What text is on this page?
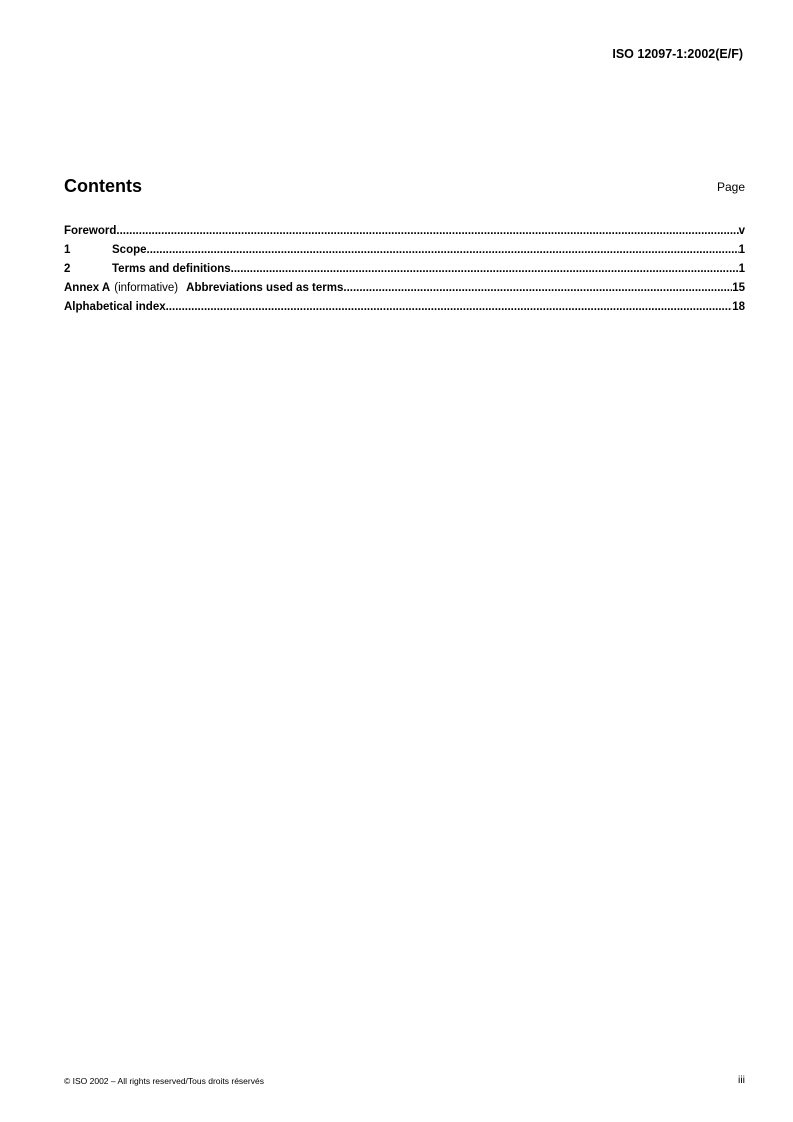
ISO 12097-1:2002(E/F)
Contents	Page
Foreword .....	v
1	Scope .....	1
2	Terms and definitions .....	1
Annex A (informative) Abbreviations used as terms .....	15
Alphabetical index .....	18
© ISO 2002 – All rights reserved/Tous droits réservés	iii
